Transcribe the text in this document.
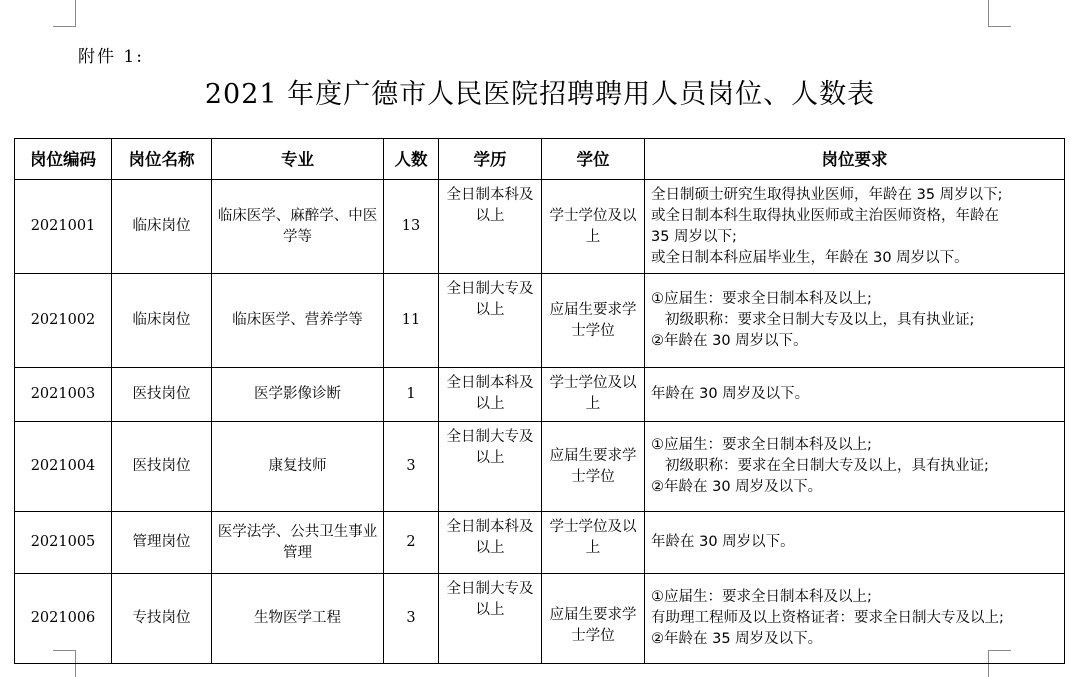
附件 1:
2021 年度广德市人民医院招聘聘用人员岗位、人数表
岗位编码	岗位名称	专业	人数	学历	学位	岗位要求
2021001	临床岗位	临床医学、麻醉学、中医学等	13	全日制本科及以上	学士学位及以上	全日制硕士研究生取得执业医师，年龄在 35 周岁以下;
或全日制本科生取得执业医师或主治医师资格，年龄在
35 周岁以下;
或全日制本科应届毕业生，年龄在 30 周岁以下。

2021002	临床岗位	临床医学、营养学等	11	全日制大专及以上	应届生要求学士学位	①应届生：要求全日制本科及以上;
初级职称：要求全日制大专及以上，具有执业证;
②年龄在 30 周岁以下。

2021003	医技岗位	医学影像诊断	1	全日制本科及以上	学士学位及以上	年龄在 30 周岁及以下。

2021004	医技岗位	康复技师	3	全日制大专及以上	应届生要求学士学位	①应届生：要求全日制本科及以上;
初级职称：要求在全日制大专及以上，具有执业证;
②年龄在 30 周岁及以下。

2021005	管理岗位	医学法学、公共卫生事业管理	2	全日制本科及以上	学士学位及以上	年龄在 30 周岁以下。

2021006	专技岗位	生物医学工程	3	全日制大专及以上	应届生要求学士学位	①应届生：要求全日制本科及以上;
有助理工程师及以上资格证者：要求全日制大专及以上;
②年龄在 35 周岁及以下。
